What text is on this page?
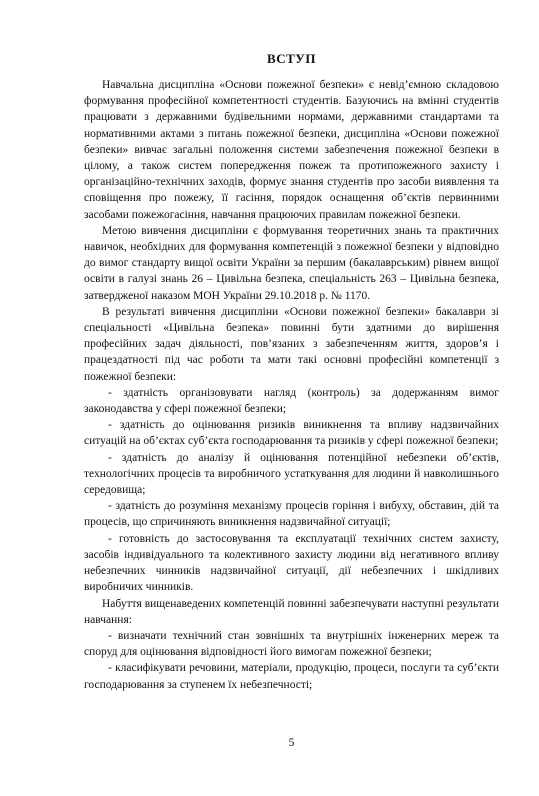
ВСТУП

Навчальна дисципліна «Основи пожежної безпеки» є невід’ємною складовою формування професійної компетентності студентів. Базуючись на вмінні студентів працювати з державними будівельними нормами, державними стандартами та нормативними актами з питань пожежної безпеки, дисципліна «Основи пожежної безпеки» вивчає загальні положення системи забезпечення пожежної безпеки в цілому, а також систем попередження пожеж та протипожежного захисту і організаційно-технічних заходів, формує знання студентів про засоби виявлення та сповіщення про пожежу, її гасіння, порядок оснащення об’єктів первинними засобами пожежогасіння, навчання працюючих правилам пожежної безпеки.

Метою вивчення дисципліни є формування теоретичних знань та практичних навичок, необхідних для формування компетенцій з пожежної безпеки у відповідно до вимог стандарту вищої освіти України за першим (бакалаврським) рівнем вищої освіти в галузі знань 26 – Цивільна безпека, спеціальність 263 – Цивільна безпека, затвердженої наказом МОН України 29.10.2018 р. № 1170.

В результаті вивчення дисципліни «Основи пожежної безпеки» бакалаври зі спеціальності «Цивільна безпека» повинні бути здатними до вирішення професійних задач діяльності, пов’язаних з забезпеченням життя, здоров’я і працездатності під час роботи та мати такі основні професійні компетенції з пожежної безпеки:

- здатність організовувати нагляд (контроль) за додержанням вимог законодавства у сфері пожежної безпеки;

- здатність до оцінювання ризиків виникнення та впливу надзвичайних ситуацій на об’єктах суб’єкта господарювання та ризиків у сфері пожежної безпеки;

- здатність до аналізу й оцінювання потенційної небезпеки об’єктів, технологічних процесів та виробничого устаткування для людини й навколишнього середовища;

- здатність до розуміння механізму процесів горіння і вибуху, обставин, дій та процесів, що спричиняють виникнення надзвичайної ситуації;

- готовність до застосовування та експлуатації технічних систем захисту, засобів індивідуального та колективного захисту людини від негативного впливу небезпечних чинників надзвичайної ситуації, дії небезпечних і шкідливих виробничих чинників.

Набуття вищенаведених компетенцій повинні забезпечувати наступні результати навчання:

- визначати технічний стан зовнішніх та внутрішніх інженерних мереж та споруд для оцінювання відповідності його вимогам пожежної безпеки;

- класифікувати речовини, матеріали, продукцію, процеси, послуги та суб’єкти господарювання за ступенем їх небезпечності;

5
